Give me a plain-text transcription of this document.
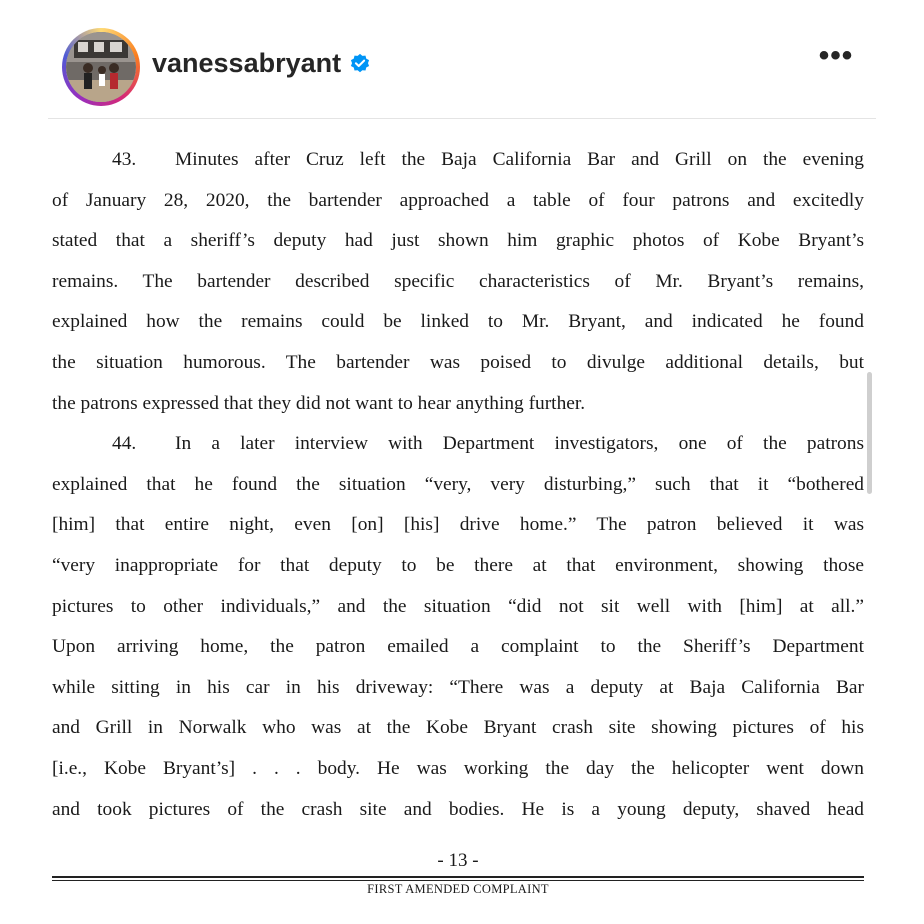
vanessabryant	•••
43.  Minutes after Cruz left the Baja California Bar and Grill on the evening
of January 28, 2020, the bartender approached a table of four patrons and excitedly
stated that a sheriff’s deputy had just shown him graphic photos of Kobe Bryant’s
remains. The bartender described specific characteristics of Mr. Bryant’s remains,
explained how the remains could be linked to Mr. Bryant, and indicated he found
the situation humorous. The bartender was poised to divulge additional details, but
the patrons expressed that they did not want to hear anything further.
44.  In a later interview with Department investigators, one of the patrons
explained that he found the situation “very, very disturbing,” such that it “bothered
[him] that entire night, even [on] [his] drive home.” The patron believed it was
“very inappropriate for that deputy to be there at that environment, showing those
pictures to other individuals,” and the situation “did not sit well with [him] at all.”
Upon arriving home, the patron emailed a complaint to the Sheriff’s Department
while sitting in his car in his driveway: “There was a deputy at Baja California Bar
and Grill in Norwalk who was at the Kobe Bryant crash site showing pictures of his
[i.e., Kobe Bryant’s] . . . body. He was working the day the helicopter went down
and took pictures of the crash site and bodies. He is a young deputy, shaved head
- 13 -
FIRST AMENDED COMPLAINT
